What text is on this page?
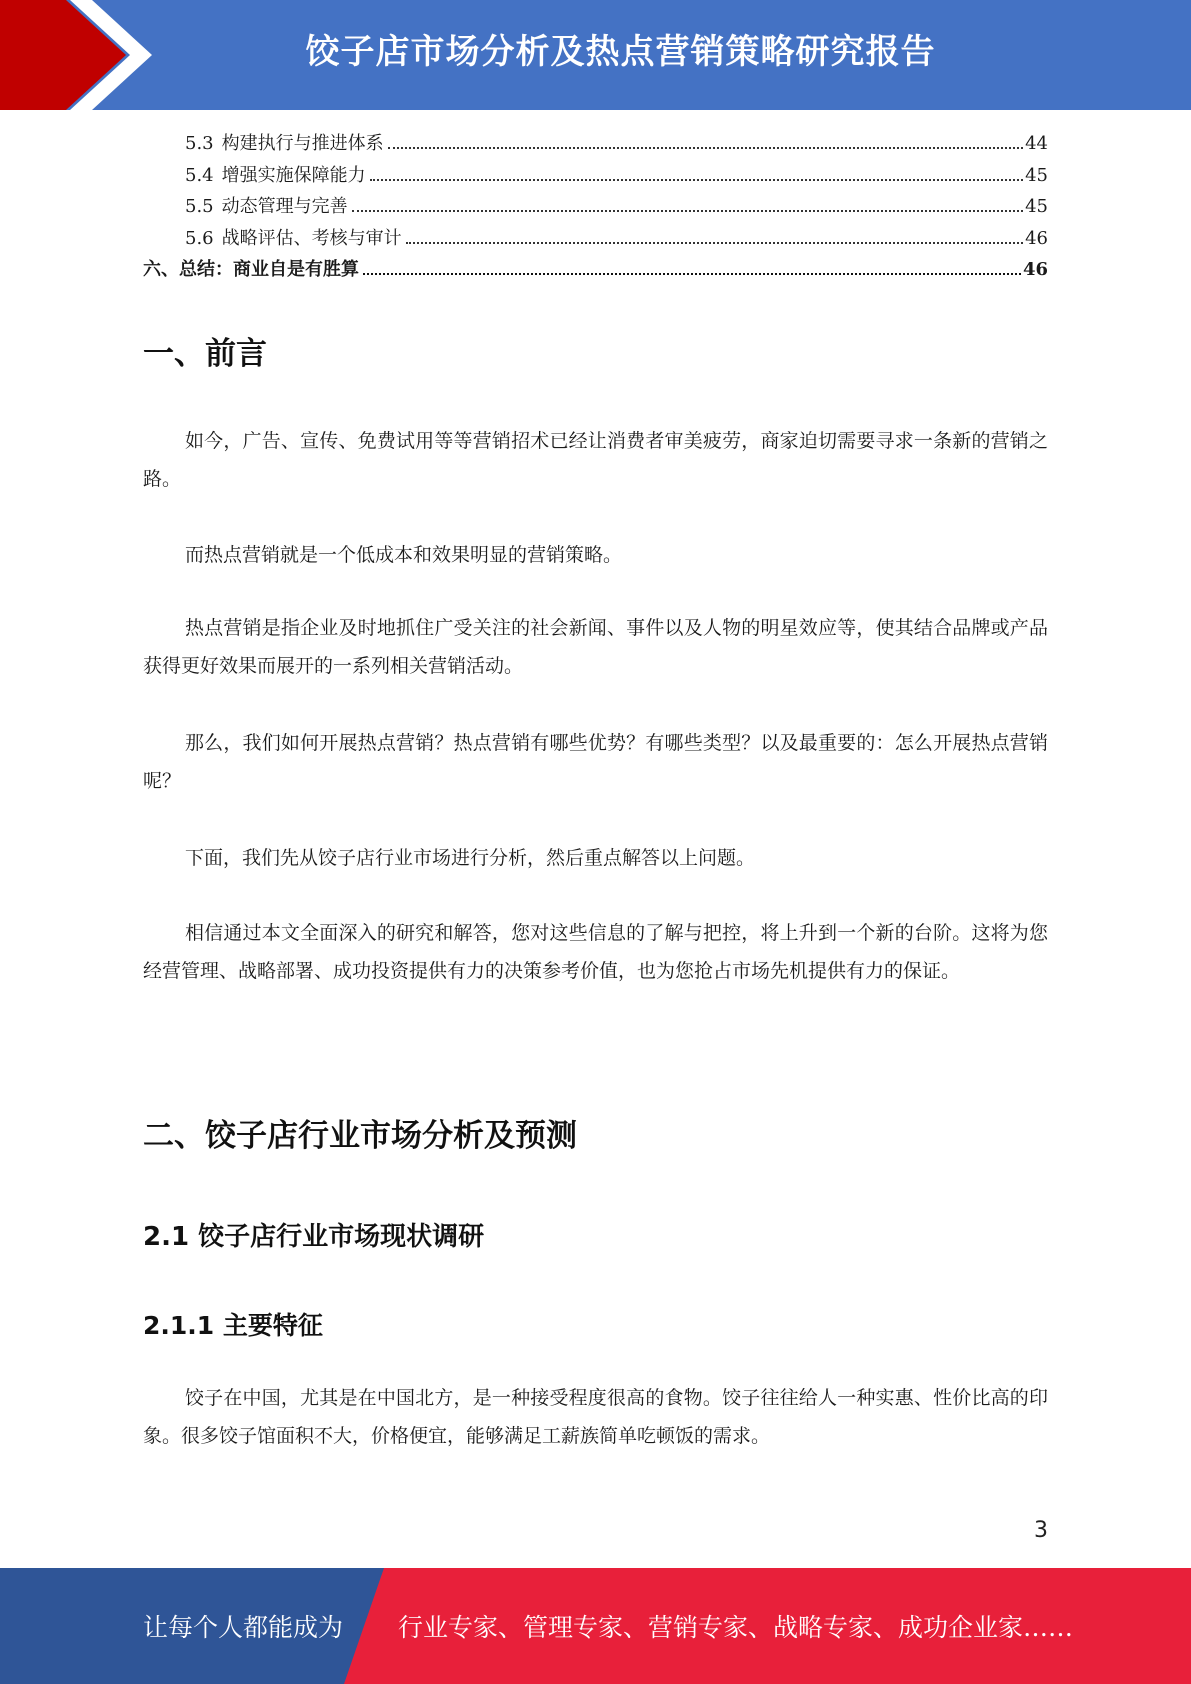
饺子店市场分析及热点营销策略研究报告
5.3 构建执行与推进体系	44
5.4 增强实施保障能力	45
5.5 动态管理与完善	45
5.6 战略评估、考核与审计	46
六、总结：商业自是有胜算	46
一、前言

如今，广告、宣传、免费试用等等营销招术已经让消费者审美疲劳，商家迫切需要寻求一条新的营销之路。

而热点营销就是一个低成本和效果明显的营销策略。

热点营销是指企业及时地抓住广受关注的社会新闻、事件以及人物的明星效应等，使其结合品牌或产品获得更好效果而展开的一系列相关营销活动。

那么，我们如何开展热点营销？热点营销有哪些优势？有哪些类型？以及最重要的：怎么开展热点营销呢？

下面，我们先从饺子店行业市场进行分析，然后重点解答以上问题。

相信通过本文全面深入的研究和解答，您对这些信息的了解与把控，将上升到一个新的台阶。这将为您经营管理、战略部署、成功投资提供有力的决策参考价值，也为您抢占市场先机提供有力的保证。

二、饺子店行业市场分析及预测
2.1 饺子店行业市场现状调研
2.1.1 主要特征

饺子在中国，尤其是在中国北方，是一种接受程度很高的食物。饺子往往给人一种实惠、性价比高的印象。很多饺子馆面积不大，价格便宜，能够满足工薪族简单吃顿饭的需求。

3
让每个人都能成为 行业专家、管理专家、营销专家、战略专家、成功企业家……
